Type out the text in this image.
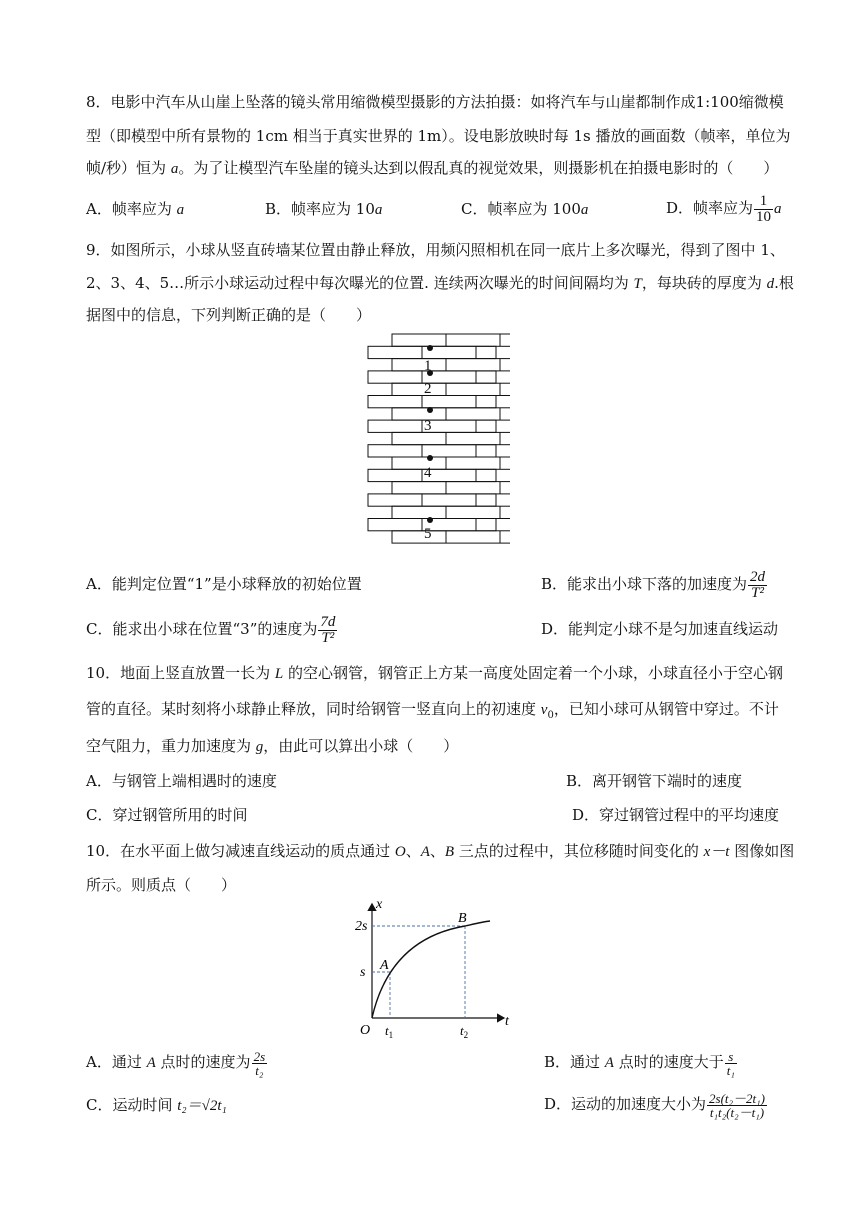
8．电影中汽车从山崖上坠落的镜头常用缩微模型摄影的方法拍摄：如将汽车与山崖都制作成1:100缩微模
型（即模型中所有景物的 1cm 相当于真实世界的 1m）。设电影放映时每 1s 播放的画面数（帧率，单位为
帧/秒）恒为 a。为了让模型汽车坠崖的镜头达到以假乱真的视觉效果，则摄影机在拍摄电影时的（　　）
A．帧率应为 a	B．帧率应为 10a	C．帧率应为 100a	D．帧率应为 $\frac{1}{10}$ a
9．如图所示，小球从竖直砖墙某位置由静止释放，用频闪照相机在同一底片上多次曝光，得到了图中 1、
2、3、4、5…所示小球运动过程中每次曝光的位置. 连续两次曝光的时间间隔均为 T，每块砖的厚度为 d.根
据图中的信息，下列判断正确的是（　　）
1
2
3
4
5
A．能判定位置“1”是小球释放的初始位置	B．能求出小球下落的加速度为 $\frac{2d}{\text{T²}}$
C．能求出小球在位置“3”的速度为 $\frac{7d}{\text{T²}}$	D．能判定小球不是匀加速直线运动
10．地面上竖直放置一长为 L 的空心钢管，钢管正上方某一高度处固定着一个小球，小球直径小于空心钢
管的直径。某时刻将小球静止释放，同时给钢管一竖直向上的初速度 $v_0$，已知小球可从钢管中穿过。不计
空气阻力，重力加速度为 g，由此可以算出小球（　　）
A．与钢管上端相遇时的速度	B．离开钢管下端时的速度
C．穿过钢管所用的时间	D．穿过钢管过程中的平均速度
10．在水平面上做匀减速直线运动的质点通过 O、A、B 三点的过程中，其位移随时间变化的 x－t 图像如图
所示。则质点（　　）
x
t
O
2s
s A
B
$t_1$	$t_2$
A．通过 A 点时的速度为 $\frac{2s}{\text{t₂}}$	B．通过 A 点时的速度大于 $\frac{s}{\text{t₁}}$
C．运动时间 t₂＝√2t₁	D．运动的加速度大小为 $\frac{\text{2s(t₂－2t₁)}}{\text{t₁t₂(t₂－t₁)}}$
